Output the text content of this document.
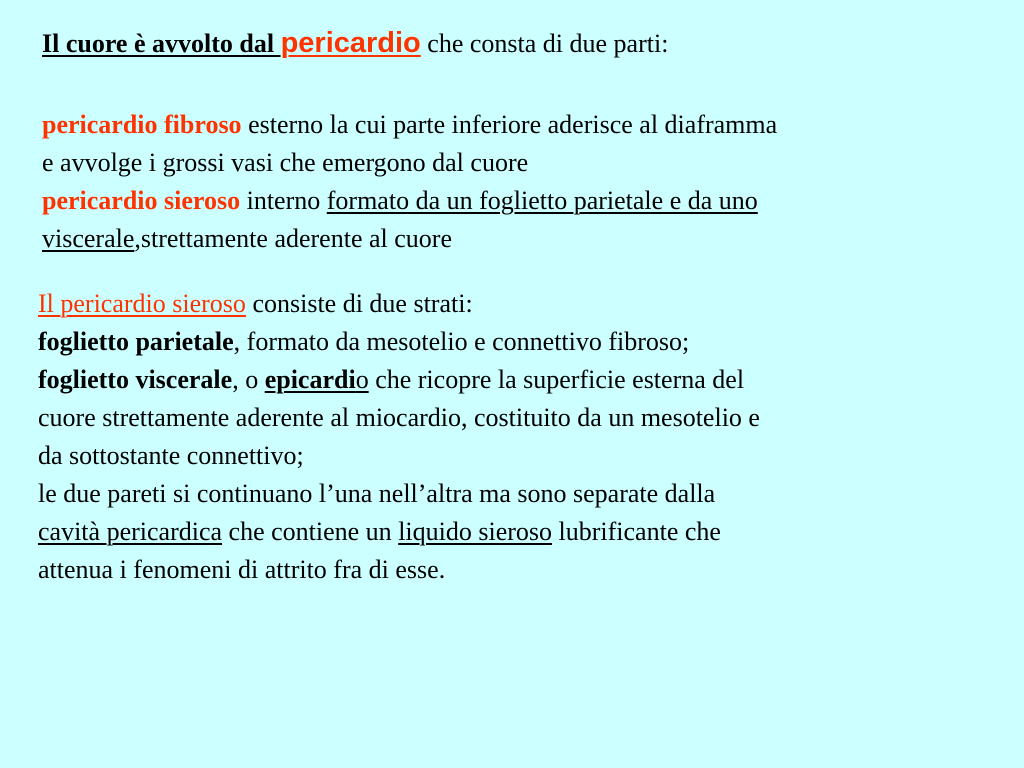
Il cuore è avvolto dal pericardio che consta di due parti:
pericardio fibroso esterno la cui parte inferiore aderisce al diaframma
e avvolge i grossi vasi che emergono dal cuore
pericardio sieroso interno formato da un foglietto parietale e da uno
viscerale,strettamente aderente al cuore
Il pericardio sieroso consiste di due strati:
foglietto parietale, formato da mesotelio e connettivo fibroso;
foglietto viscerale, o epicardio che ricopre la superficie esterna del
cuore strettamente aderente al miocardio, costituito da un mesotelio e
da sottostante connettivo;
le due pareti si continuano l’una nell’altra ma sono separate dalla
cavità pericardica che contiene un liquido sieroso lubrificante che
attenua i fenomeni di attrito fra di esse.
